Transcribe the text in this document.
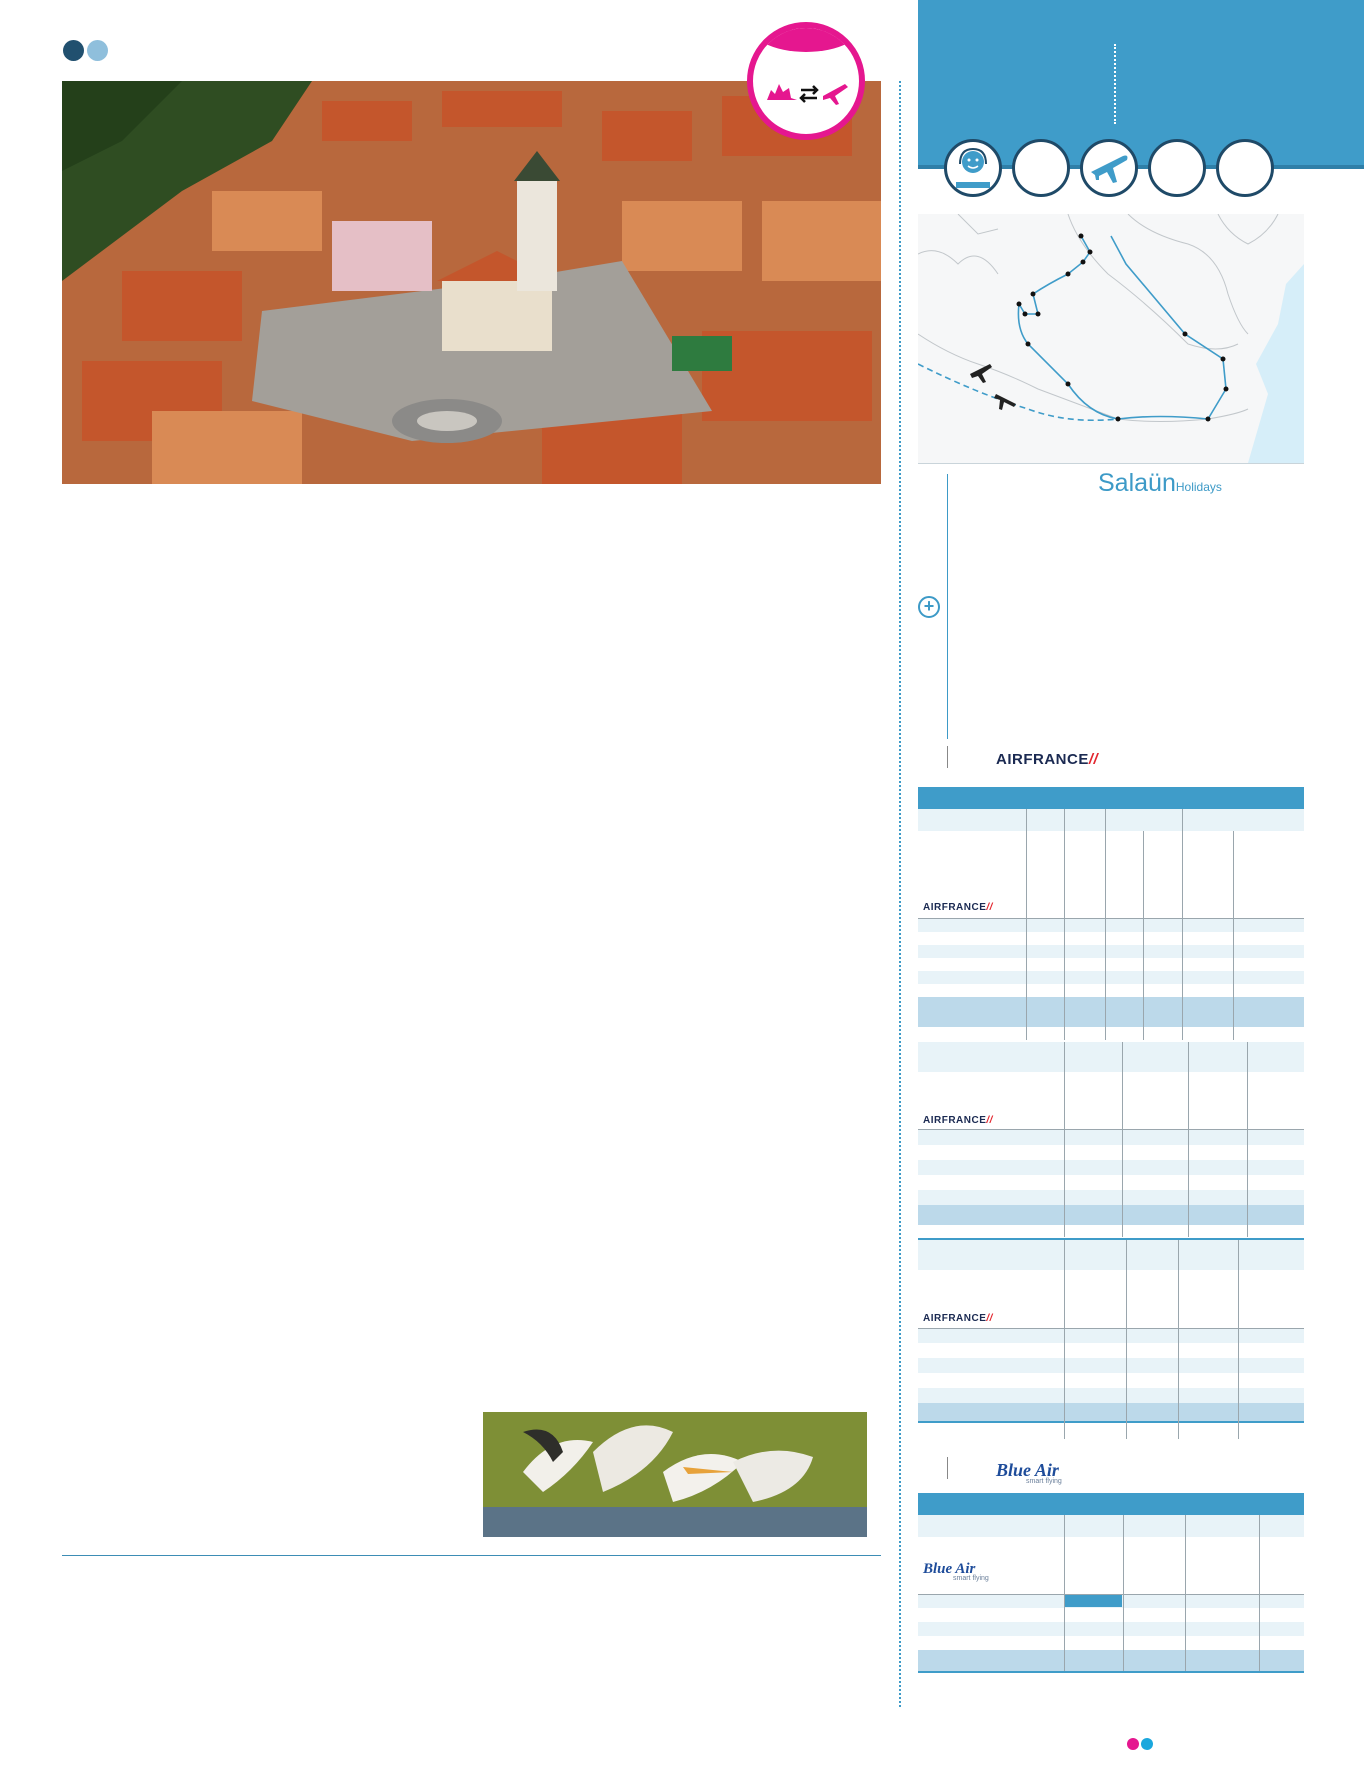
AUDIOPHONE
SalaünHolidays
+
AIRFRANCE//
AIRFRANCE//
AIRFRANCE//
AIRFRANCE//
Blue Air
smart flying
Blue Air
smart flying
